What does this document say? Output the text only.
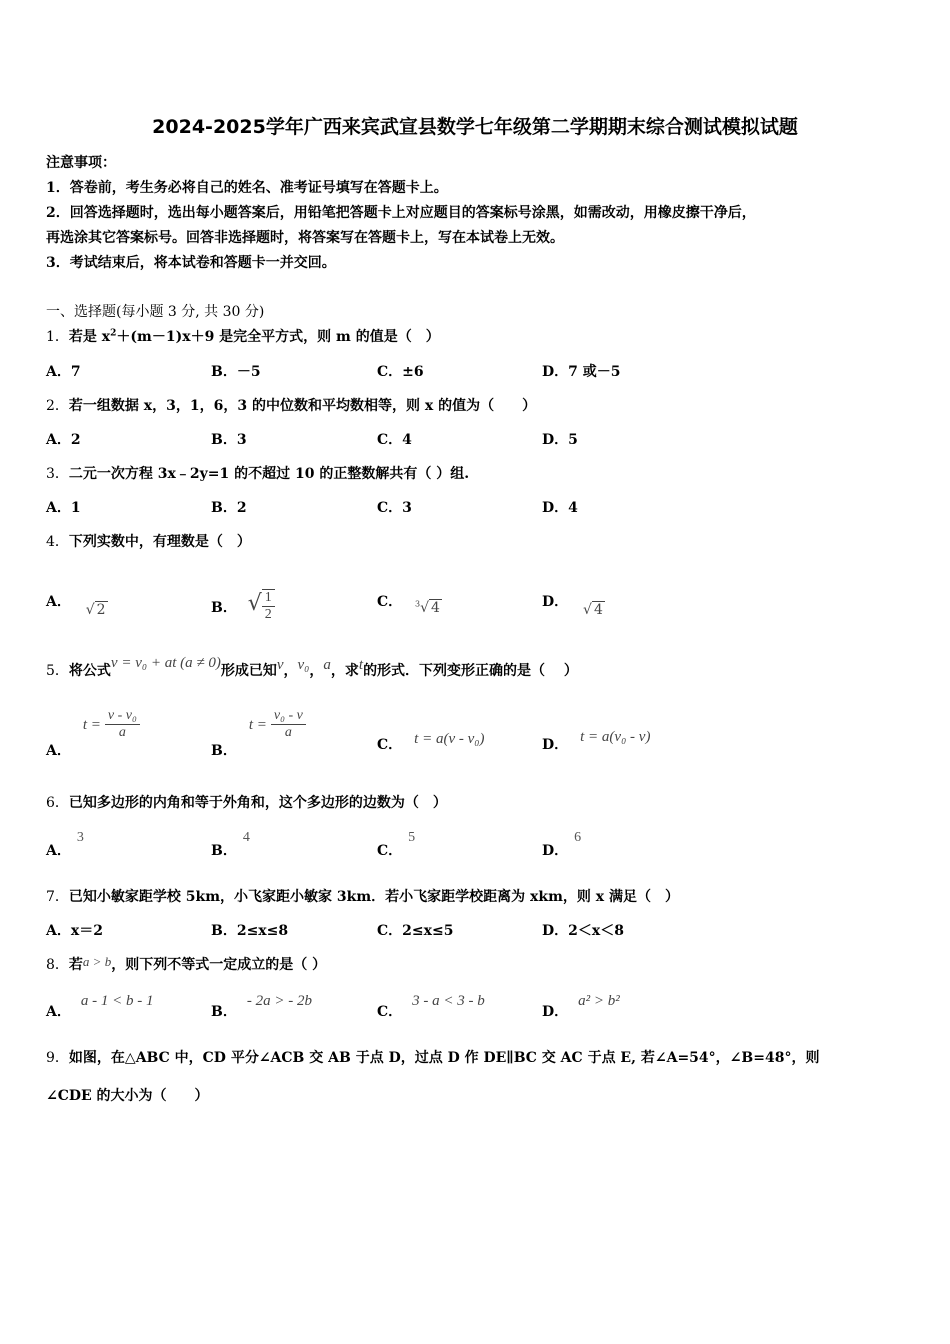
2024-2025学年广西来宾武宣县数学七年级第二学期期末综合测试模拟试题
注意事项：
1．答卷前，考生务必将自己的姓名、准考证号填写在答题卡上。
2．回答选择题时，选出每小题答案后，用铅笔把答题卡上对应题目的答案标号涂黑，如需改动，用橡皮擦干净后，
再选涂其它答案标号。回答非选择题时，将答案写在答题卡上，写在本试卷上无效。
3．考试结束后，将本试卷和答题卡一并交回。
一、选择题(每小题 3 分, 共 30 分)
1．若是 $x^2+(m-1)x+9$ 是完全平方式，则 m 的值是（　）
A．7	B．－5	C．±6	D．7 或－5
2．若一组数据 x，3，1，6，3 的中位数和平均数相等，则 x 的值为（　　）
A．2	B．3	C．4	D．5
3．二元一次方程 3x﹣2y=1 的不超过 10 的正整数解共有（ ）组.
A．1	B．2	C．3	D．4
4．下列实数中，有理数是（　）
A． √ 2	B． √ $\frac{1}{2}$	C． $^3$√ 4	D． √ 4
5．将公式v = v₀ + at (a ≠ 0)形成已知v，v₀，a，求t的形式．下列变形正确的是（　 ）
A．$t = \frac{\text{v - v₀}}{a}$
B．$t = \frac{\text{v₀ - v}}{a}$
C． t = a(v - v₀)	D． t = a(v₀ - v)
6．已知多边形的内角和等于外角和，这个多边形的边数为（　）
A．3
B．4
C．5
D．6
7．已知小敏家距学校 5km，小飞家距小敏家 3km．若小飞家距学校距离为 xkm，则 x 满足（　）
A．x＝2	B．2≤x≤8	C．2≤x≤5	D．2＜x＜8
8．若a > b，则下列不等式一定成立的是（ ）
A．a - 1 < b - 1
B．- 2a > - 2b
C．3 - a < 3 - b
D．a² > b²
9．如图，在△ABC 中，CD 平分∠ACB 交 AB 于点 D，过点 D 作 DE∥BC 交 AC 于点 E, 若∠A=54°，∠B=48°，则
∠CDE 的大小为（　　）
